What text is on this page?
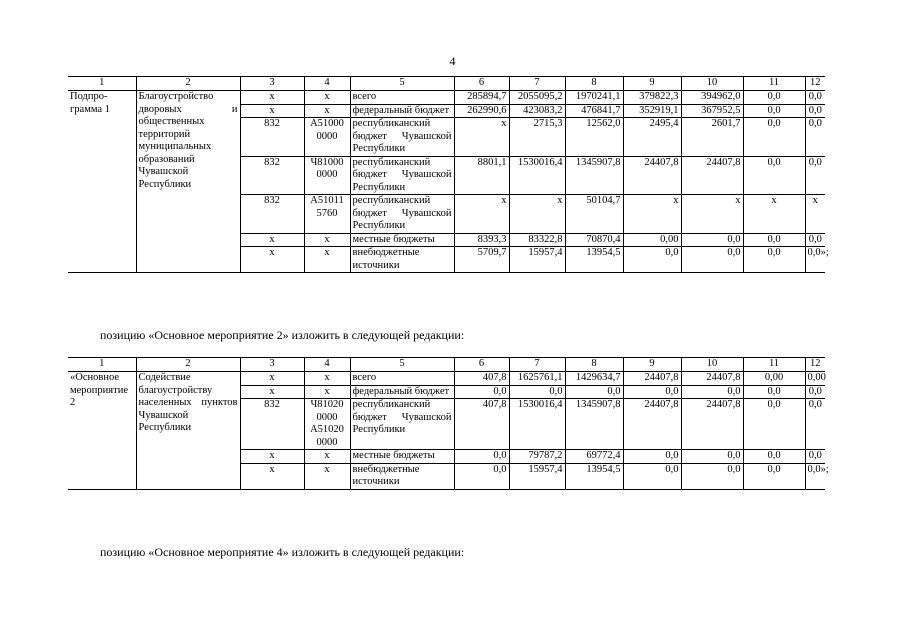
4
1	2	3	4	5	6	7	8	9	10	11	12
Подпро-грамма 1	Благоустройство дворовых и общественных территорий муниципальных образований Чувашской Республики	x	x	всего	285894,7	2055095,2	1970241,1	379822,3	394962,0	0,0	0,0
		x	x	федеральный бюджет	262990,6	423083,2	476841,7	352919,1	367952,5	0,0	0,0
		832	А51000 0000	республиканский бюджет Чувашской Республики	x	2715,3	12562,0	2495,4	2601,7	0,0	0,0
		832	Ч81000 0000	республиканский бюджет Чувашской Республики	8801,1	1530016,4	1345907,8	24407,8	24407,8	0,0	0,0
		832	А51011 5760	республиканский бюджет Чувашской Республики	x	x	50104,7	x	x	x	x
		x	x	местные бюджеты	8393,3	83322,8	70870,4	0,00	0,0	0,0	0,0
		x	x	внебюджетные источники	5709,7	15957,4	13954,5	0,0	0,0	0,0	0,0»;
позицию «Основное мероприятие 2» изложить в следующей редакции:
1	2	3	4	5	6	7	8	9	10	11	12
«Основное мероприятие 2	Содействие благоустройству населенных пунктов Чувашской Республики	x	x	всего	407,8	1625761,1	1429634,7	24407,8	24407,8	0,00	0,00
		x	x	федеральный бюджет	0,0	0,0	0,0	0,0	0,0	0,0	0,0
		832	Ч81020 0000 А51020 0000	республиканский бюджет Чувашской Республики	407,8	1530016,4	1345907,8	24407,8	24407,8	0,0	0,0
		x	x	местные бюджеты	0,0	79787,2	69772,4	0,0	0,0	0,0	0,0
		x	x	внебюджетные источники	0,0	15957,4	13954,5	0,0	0,0	0,0	0,0»;
позицию «Основное мероприятие 4» изложить в следующей редакции:
